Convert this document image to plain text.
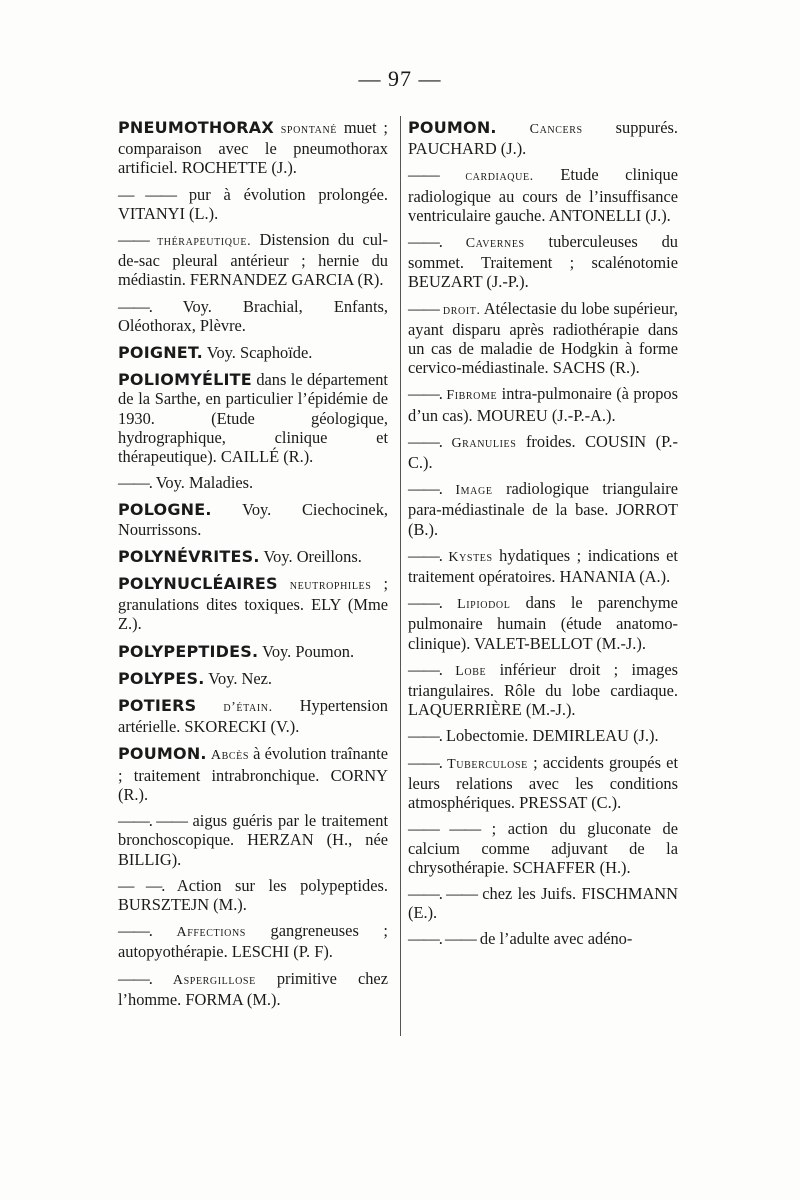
— 97 —
PNEUMOTHORAX spontané muet ; comparaison avec le pneumothorax artificiel. ROCHETTE (J.).
— —— pur à évolution prolongée. VITANYI (L.).
—— thérapeutique. Distension du cul-de-sac pleural antérieur ; hernie du médiastin. FERNANDEZ GARCIA (R).
——. Voy. Brachial, Enfants, Oléothorax, Plèvre.
POIGNET. Voy. Scaphoïde.
POLIOMYÉLITE dans le département de la Sarthe, en particulier l’épidémie de 1930. (Etude géologique, hydrographique, clinique et thérapeutique). CAILLÉ (R.).
——. Voy. Maladies.
POLOGNE. Voy. Ciechocinek, Nourrissons.
POLYNÉVRITES. Voy. Oreillons.
POLYNUCLÉAIRES neutrophiles ; granulations dites toxiques. ELY (Mme Z.).
POLYPEPTIDES. Voy. Poumon.
POLYPES. Voy. Nez.
POTIERS d’étain. Hypertension artérielle. SKORECKI (V.).
POUMON. Abcès à évolution traînante ; traitement intrabronchique. CORNY (R.).
——. —— aigus guéris par le traitement bronchoscopique. HERZAN (H., née BILLIG).
— —. Action sur les polypeptides. BURSZTEJN (M.).
——. Affections gangreneuses ; autopyothérapie. LESCHI (P. F).
——. Aspergillose primitive chez l’homme. FORMA (M.).
POUMON. Cancers suppurés. PAUCHARD (J.).
—— cardiaque. Etude clinique radiologique au cours de l’insuffisance ventriculaire gauche. ANTONELLI (J.).
——. Cavernes tuberculeuses du sommet. Traitement ; scalénotomie BEUZART (J.-P.).
—— droit. Atélectasie du lobe supérieur, ayant disparu après radiothérapie dans un cas de maladie de Hodgkin à forme cervico-médiastinale. SACHS (R.).
——. Fibrome intra-pulmonaire (à propos d’un cas). MOUREU (J.-P.-A.).
——. Granulies froides. COUSIN (P.-C.).
——. Image radiologique triangulaire para-médiastinale de la base. JORROT (B.).
——. Kystes hydatiques ; indications et traitement opératoires. HANANIA (A.).
——. Lipiodol dans le parenchyme pulmonaire humain (étude anatomo-clinique). VALET-BELLOT (M.-J.).
——. Lobe inférieur droit ; images triangulaires. Rôle du lobe cardiaque. LAQUERRIÈRE (M.-J.).
——. Lobectomie. DEMIRLEAU (J.).
——. Tuberculose ; accidents groupés et leurs relations avec les conditions atmosphériques. PRESSAT (C.).
—— —— ; action du gluconate de calcium comme adjuvant de la chrysothérapie. SCHAFFER (H.).
——. —— chez les Juifs. FISCHMANN (E.).
——. —— de l’adulte avec adéno-
